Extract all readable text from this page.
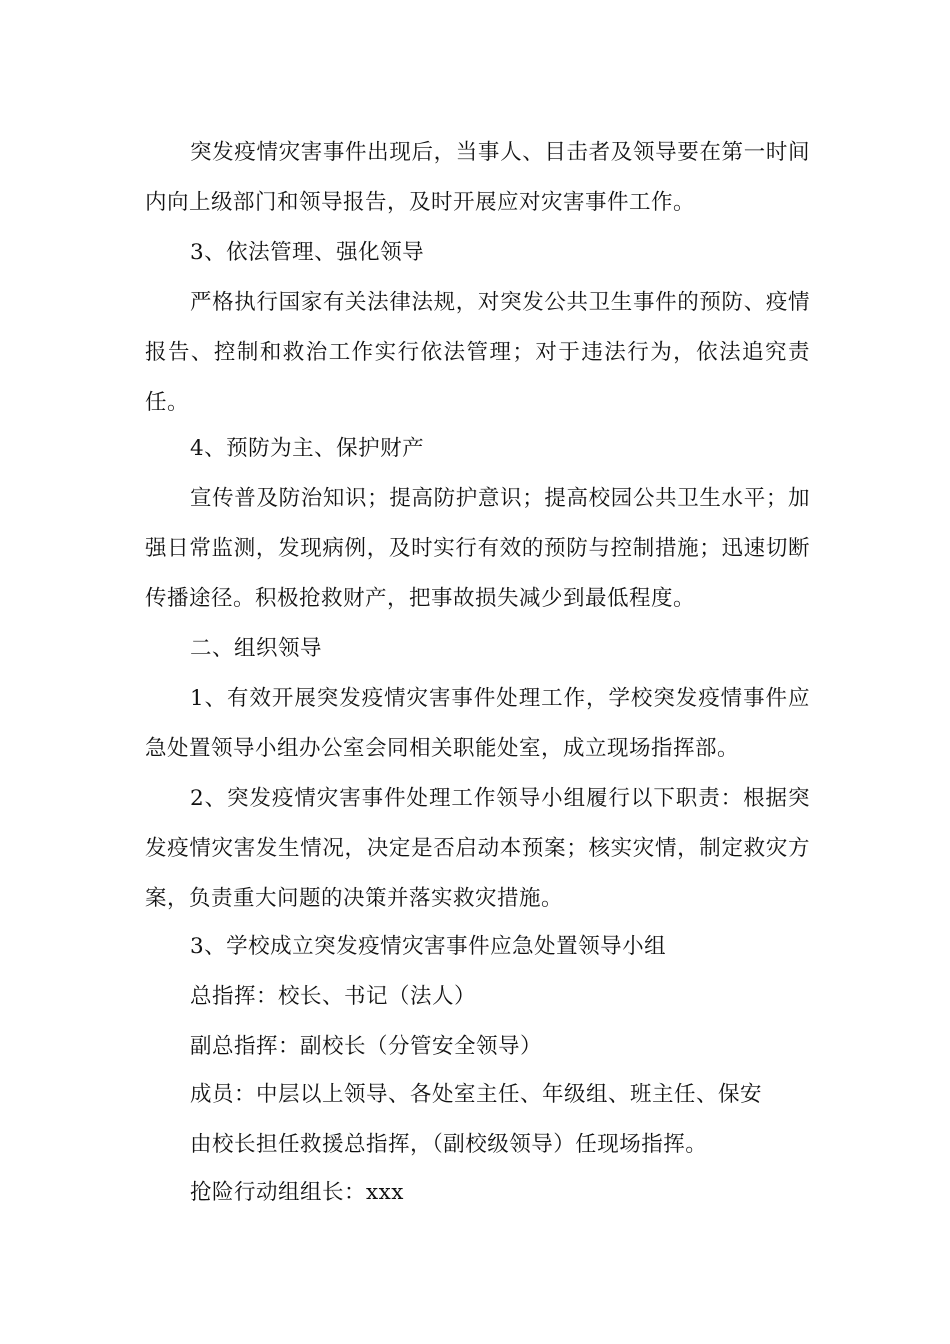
突发疫情灾害事件出现后，当事人、目击者及领导要在第一时间内向上级部门和领导报告，及时开展应对灾害事件工作。

3、依法管理、强化领导

严格执行国家有关法律法规，对突发公共卫生事件的预防、疫情报告、控制和救治工作实行依法管理；对于违法行为，依法追究责任。

4、预防为主、保护财产

宣传普及防治知识；提高防护意识；提高校园公共卫生水平；加强日常监测，发现病例，及时实行有效的预防与控制措施；迅速切断传播途径。积极抢救财产，把事故损失减少到最低程度。

二、组织领导

1、有效开展突发疫情灾害事件处理工作，学校突发疫情事件应急处置领导小组办公室会同相关职能处室，成立现场指挥部。

2、突发疫情灾害事件处理工作领导小组履行以下职责：根据突发疫情灾害发生情况，决定是否启动本预案；核实灾情，制定救灾方案，负责重大问题的决策并落实救灾措施。

3、学校成立突发疫情灾害事件应急处置领导小组

总指挥：校长、书记（法人）

副总指挥：副校长（分管安全领导）

成员：中层以上领导、各处室主任、年级组、班主任、保安

由校长担任救援总指挥，（副校级领导）任现场指挥。

抢险行动组组长：xxx
